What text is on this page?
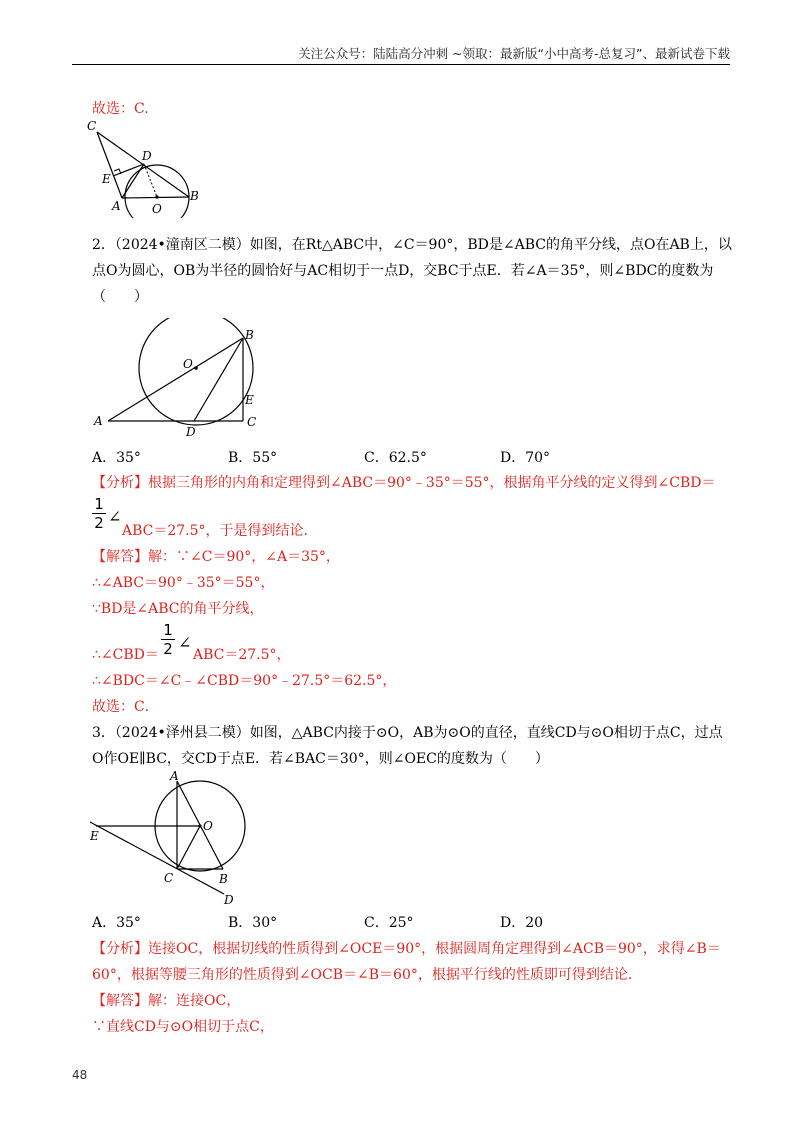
关注公众号：陆陆高分冲刺 ~领取：最新版“小中高考-总复习”、最新试卷下载
故选：C.
C
D
E
A	O
B
2．（2024•潼南区二模）如图，在Rt△ABC中，∠C＝90°，BD是∠ABC的角平分线，点O在AB上，以
点O为圆心，OB为半径的圆恰好与AC相切于一点D，交BC于点E．若∠A＝35°，则∠BDC的度数为
（　　）
B
O
E
A
D
C
A．35°	B．55°	C．62.5°	D．70°
【分析】根据三角形的内角和定理得到∠ABC＝90°﹣35°＝55°，根据角平分线的定义得到∠CBD＝
1
2 ∠
ABC＝27.5°，于是得到结论．
【解答】解：∵∠C＝90°，∠A＝35°，
∴∠ABC＝90°﹣35°＝55°，
∵BD是∠ABC的角平分线，
∴∠CBD＝
1
2 ∠
ABC＝27.5°，
∴∠BDC＝∠C﹣∠CBD＝90°﹣27.5°＝62.5°，
故选：C．
3．（2024•泽州县二模）如图，△ABC内接于⊙O，AB为⊙O的直径，直线CD与⊙O相切于点C，过点
O作OE∥BC，交CD于点E．若∠BAC＝30°，则∠OEC的度数为（　　）
A
E
O
C	B
D
A．35°	B．30°	C．25°	D．20
【分析】连接OC，根据切线的性质得到∠OCE＝90°，根据圆周角定理得到∠ACB＝90°，求得∠B＝
60°，根据等腰三角形的性质得到∠OCB＝∠B＝60°，根据平行线的性质即可得到结论．
【解答】解：连接OC，
∵直线CD与⊙O相切于点C，
48
